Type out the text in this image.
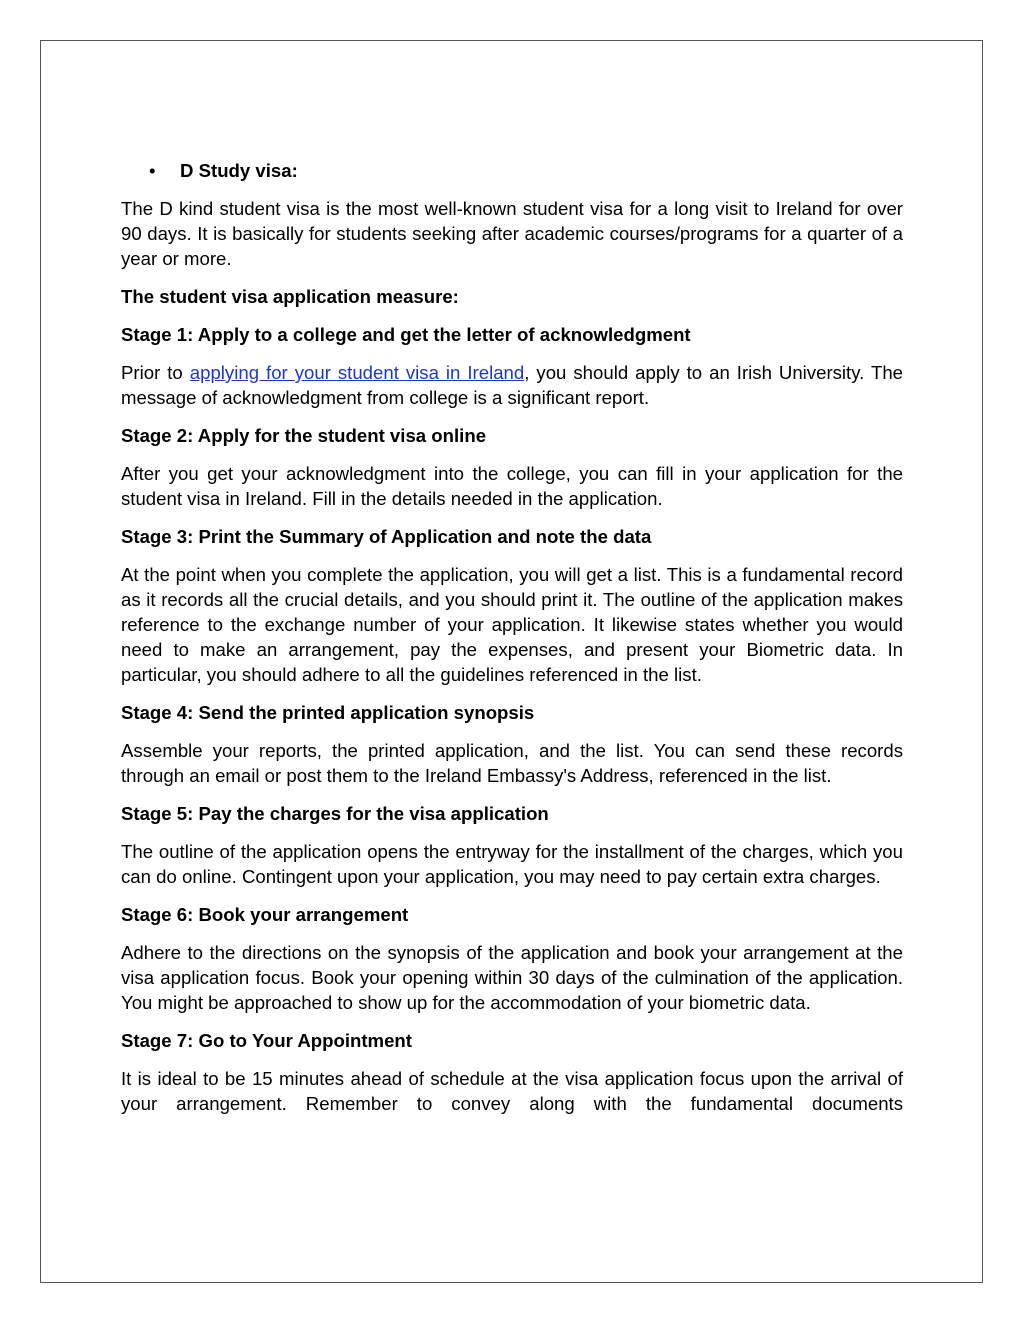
•	D Study visa:

The D kind student visa is the most well-known student visa for a long visit to Ireland for over 90 days. It is basically for students seeking after academic courses/programs for a quarter of a year or more.

The student visa application measure:

Stage 1: Apply to a college and get the letter of acknowledgment

Prior to applying for your student visa in Ireland, you should apply to an Irish University. The message of acknowledgment from college is a significant report.

Stage 2: Apply for the student visa online

After you get your acknowledgment into the college, you can fill in your application for the student visa in Ireland. Fill in the details needed in the application.

Stage 3: Print the Summary of Application and note the data

At the point when you complete the application, you will get a list. This is a fundamental record as it records all the crucial details, and you should print it. The outline of the application makes reference to the exchange number of your application. It likewise states whether you would need to make an arrangement, pay the expenses, and present your Biometric data. In particular, you should adhere to all the guidelines referenced in the list.

Stage 4: Send the printed application synopsis

Assemble your reports, the printed application, and the list. You can send these records through an email or post them to the Ireland Embassy's Address, referenced in the list.

Stage 5: Pay the charges for the visa application

The outline of the application opens the entryway for the installment of the charges, which you can do online. Contingent upon your application, you may need to pay certain extra charges.

Stage 6: Book your arrangement

Adhere to the directions on the synopsis of the application and book your arrangement at the visa application focus. Book your opening within 30 days of the culmination of the application. You might be approached to show up for the accommodation of your biometric data.

Stage 7: Go to Your Appointment

It is ideal to be 15 minutes ahead of schedule at the visa application focus upon the arrival of your arrangement. Remember to convey along with the fundamental documents
